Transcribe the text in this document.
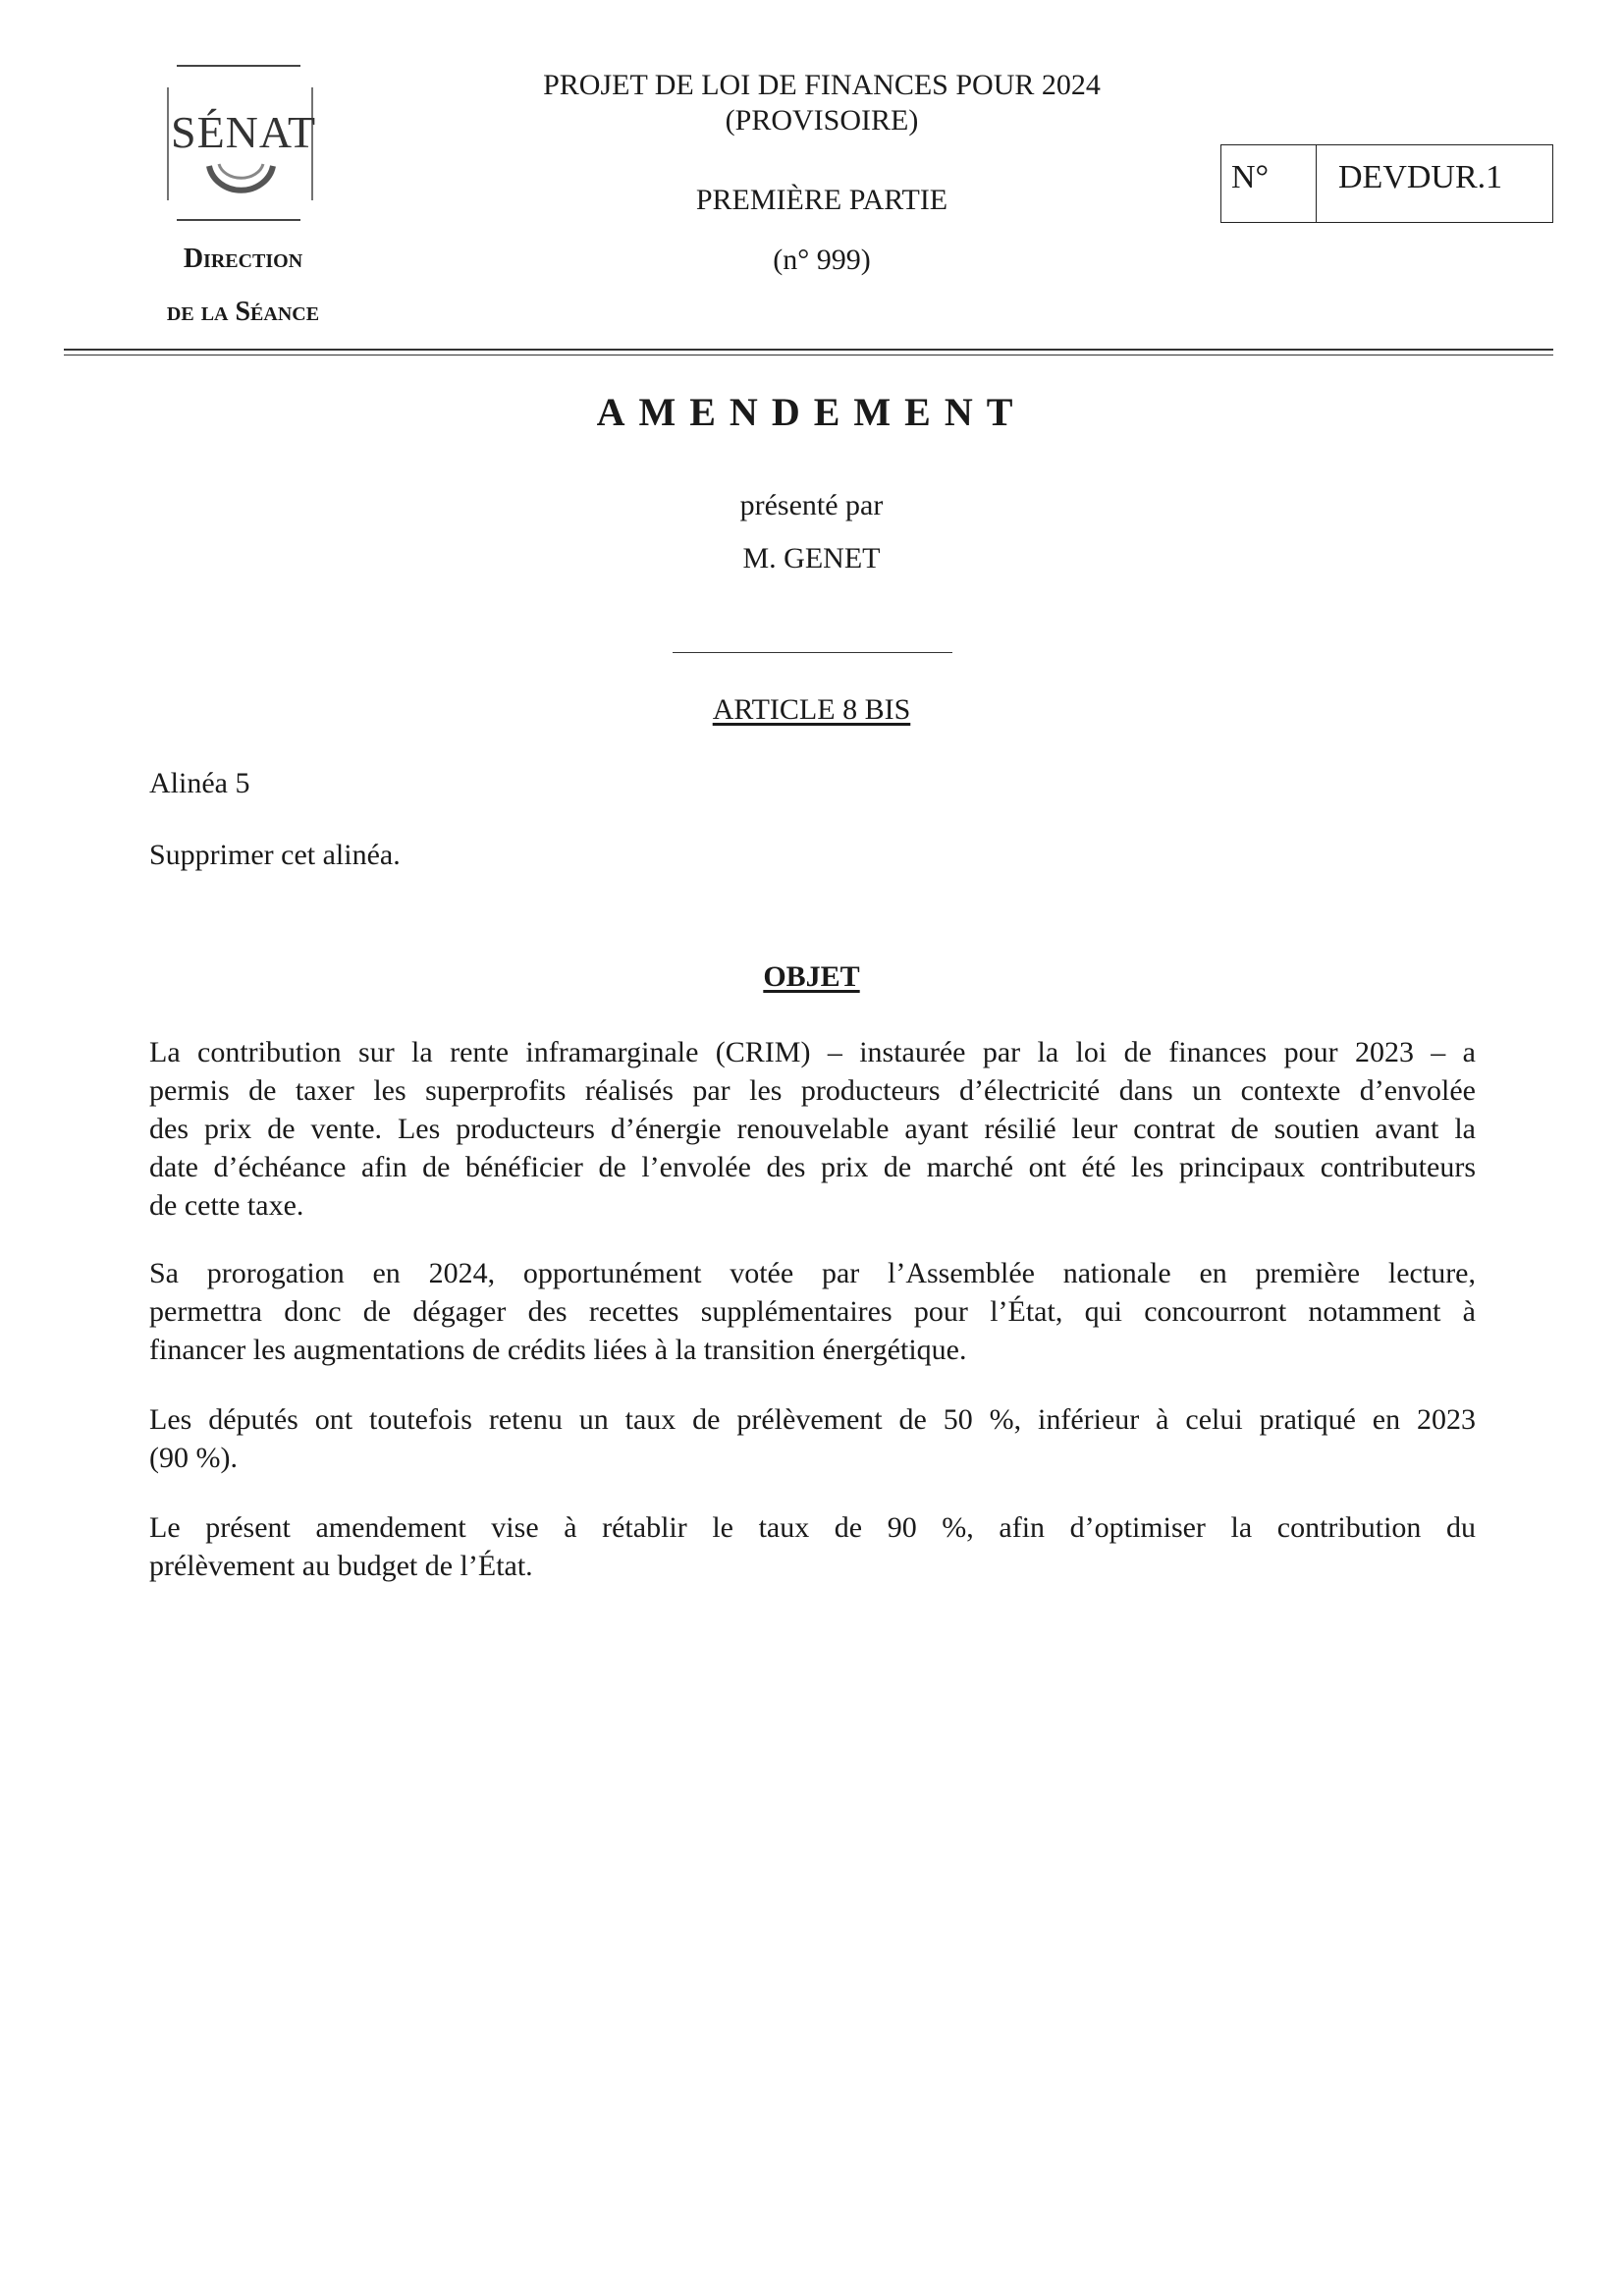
SÉNAT
Direction
de la Séance
PROJET DE LOI DE FINANCES POUR 2024
(PROVISOIRE)
PREMIÈRE PARTIE
(n° 999)
N°	DEVDUR.1
AMENDEMENT
présenté par
M. GENET
ARTICLE 8 BIS
Alinéa 5
Supprimer cet alinéa.
OBJET
La contribution sur la rente inframarginale (CRIM) – instaurée par la loi de finances pour 2023 – a
permis de taxer les superprofits réalisés par les producteurs d’électricité dans un contexte d’envolée
des prix de vente. Les producteurs d’énergie renouvelable ayant résilié leur contrat de soutien avant la
date d’échéance afin de bénéficier de l’envolée des prix de marché ont été les principaux contributeurs
de cette taxe.
Sa prorogation en 2024, opportunément votée par l’Assemblée nationale en première lecture,
permettra donc de dégager des recettes supplémentaires pour l’État, qui concourront notamment à
financer les augmentations de crédits liées à la transition énergétique.
Les députés ont toutefois retenu un taux de prélèvement de 50 %, inférieur à celui pratiqué en 2023
(90 %).
Le présent amendement vise à rétablir le taux de 90 %, afin d’optimiser la contribution du
prélèvement au budget de l’État.
